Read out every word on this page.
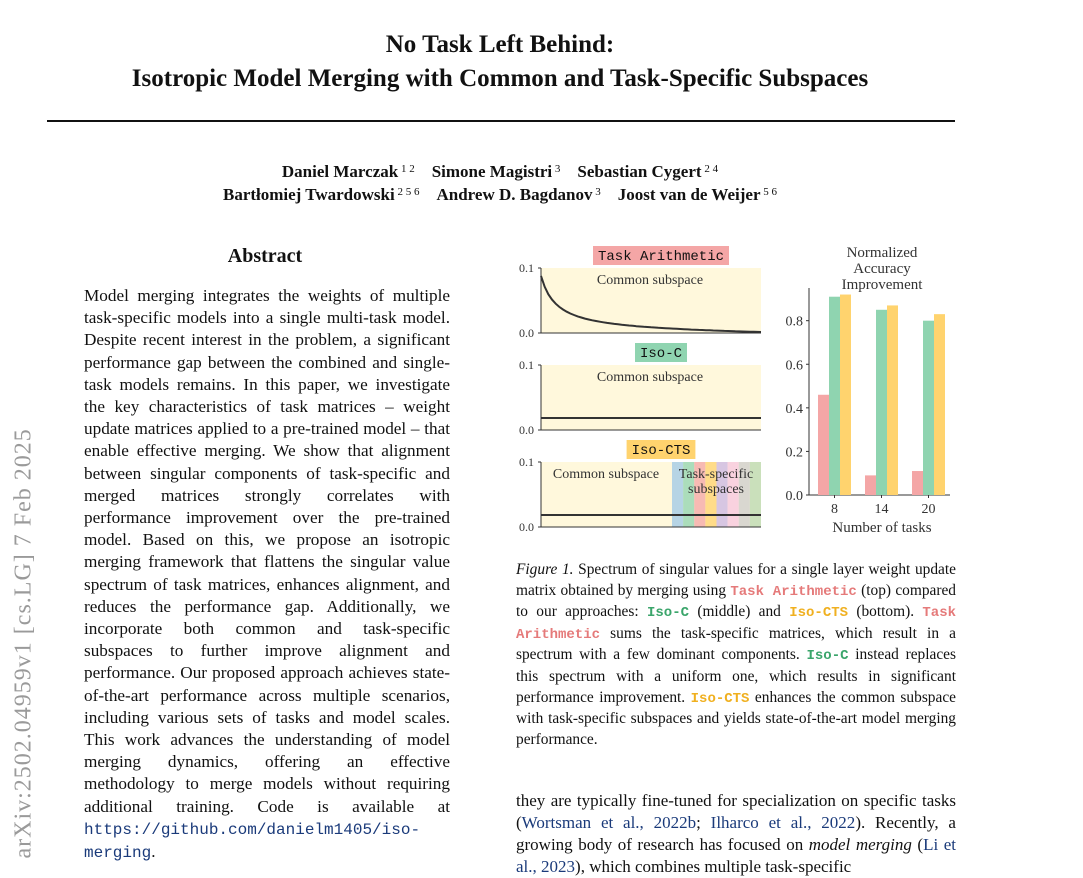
arXiv:2502.04959v1 [cs.LG] 7 Feb 2025
No Task Left Behind:
Isotropic Model Merging with Common and Task-Specific Subspaces
Daniel Marczak $^{1 2}$  Simone Magistri $^3$  Sebastian Cygert $^{2 4}$
Bartłomiej Twardowski $^{2 5 6}$  Andrew D. Bagdanov $^3$  Joost van de Weijer $^{5 6}$
Abstract
Model merging integrates the weights of multiple task-specific models into a single multi-task model. Despite recent interest in the problem, a significant performance gap between the combined and single-task models remains. In this paper, we investigate the key characteristics of task matrices – weight update matrices applied to a pre-trained model – that enable effective merging. We show that alignment between singular components of task-specific and merged matrices strongly correlates with performance improvement over the pre-trained model. Based on this, we propose an isotropic merging framework that flattens the singular value spectrum of task matrices, enhances alignment, and reduces the performance gap. Additionally, we incorporate both common and task-specific subspaces to further improve alignment and performance. Our proposed approach achieves state-of-the-art performance across multiple scenarios, including various sets of tasks and model scales. This work advances the understanding of model merging dynamics, offering an effective methodology to merge models without requiring additional training. Code is available at https://github.com/danielm1405/iso-merging.
0.1
0.0
Task Arithmetic
Common subspace
0.1
0.0
Iso-C
Common subspace
0.1
0.0
Iso-CTS
Common subspace Task-specific
subspaces
Normalized
Accuracy
Improvement
0.0
0.2
0.4
0.6
0.8
8	14 20
Number of tasks
Figure 1. Spectrum of singular values for a single layer weight update matrix obtained by merging using Task Arithmetic (top) compared to our approaches: Iso-C (middle) and Iso-CTS (bottom). Task Arithmetic sums the task-specific matrices, which result in a spectrum with a few dominant components. Iso-C instead replaces this spectrum with a uniform one, which results in significant performance improvement. Iso-CTS enhances the common subspace with task-specific subspaces and yields state-of-the-art model merging performance.
they are typically fine-tuned for specialization on specific tasks (Wortsman et al., 2022b; Ilharco et al., 2022). Recently, a growing body of research has focused on model merging (Li et al., 2023), which combines multiple task-specific
